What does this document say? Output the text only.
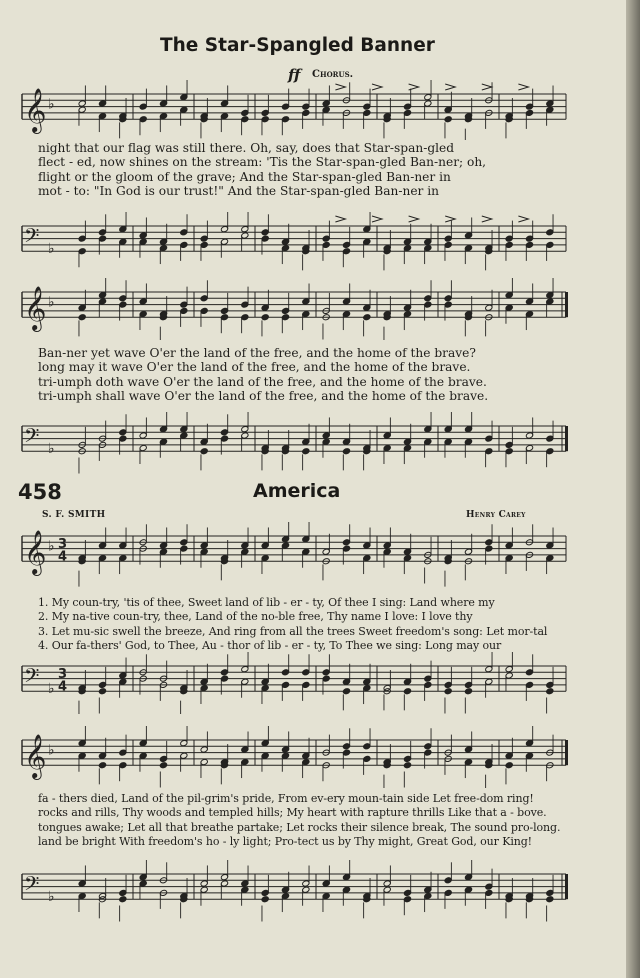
The Star-Spangled Banner
ff Chorus.
𝄞 ♭
night that our flag was still there. Oh, say, does that Star-span-gled
flect - ed, now shines on the stream: 'Tis the Star-span-gled Ban-ner; oh,
flight or the gloom of the grave; And the Star-span-gled Ban-ner in
mot - to: "In God is our trust!" And the Star-span-gled Ban-ner in
𝄢 ♭
𝄞 ♭
Ban-ner yet wave O'er the land of the free, and the home of the brave?
long may it wave O'er the land of the free, and the home of the brave.
tri-umph doth wave O'er the land of the free, and the home of the brave.
tri-umph shall wave O'er the land of the free, and the home of the brave.
𝄢 ♭
458	America
S. F. SMITH	Henry Carey
𝄞 ♭ 3
4
1. My coun-try, 'tis of thee, Sweet land of lib - er - ty, Of thee I sing: Land where my
2. My na-tive coun-try, thee, Land of the no-ble free, Thy name I love: I love thy
3. Let mu-sic swell the breeze, And ring from all the trees Sweet freedom's song: Let mor-tal
4. Our fa-thers' God, to Thee, Au - thor of lib - er - ty, To Thee we sing: Long may our
𝄢 ♭
3
4
𝄞 ♭
fa - thers died, Land of the pil-grim's pride, From ev-ery moun-tain side Let free-dom ring!
rocks and rills, Thy woods and templed hills; My heart with rapture thrills Like that a - bove.
tongues awake; Let all that breathe partake; Let rocks their silence break, The sound pro-long.
land be bright With freedom's ho - ly light; Pro-tect us by Thy might, Great God, our King!
𝄢 ♭
